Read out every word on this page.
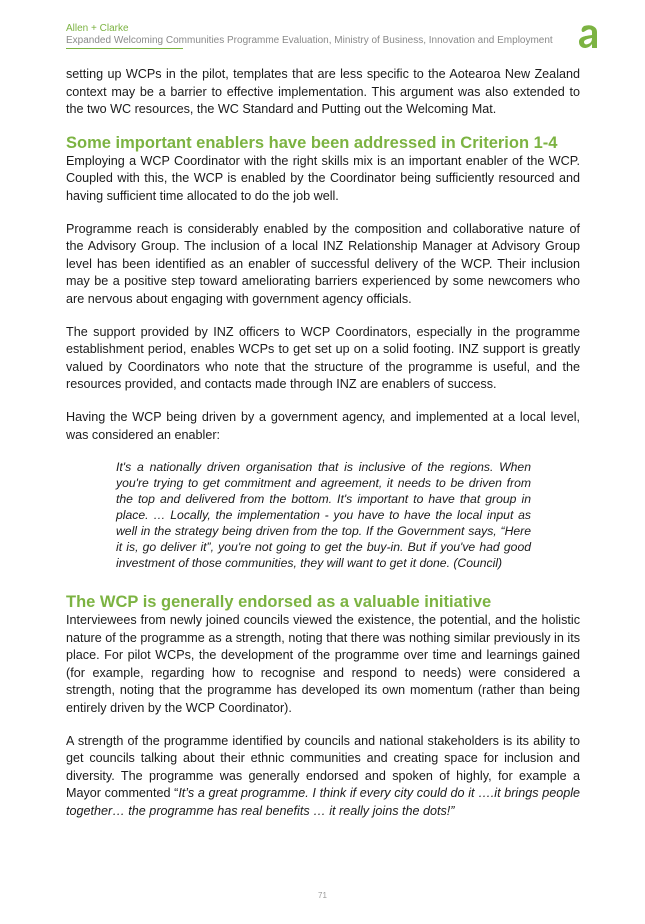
Allen + Clarke
Expanded Welcoming Communities Programme Evaluation, Ministry of Business, Innovation and Employment

setting up WCPs in the pilot, templates that are less specific to the Aotearoa New Zealand context may be a barrier to effective implementation. This argument was also extended to the two WC resources, the WC Standard and Putting out the Welcoming Mat.

Some important enablers have been addressed in Criterion 1-4

Employing a WCP Coordinator with the right skills mix is an important enabler of the WCP. Coupled with this, the WCP is enabled by the Coordinator being sufficiently resourced and having sufficient time allocated to do the job well.

Programme reach is considerably enabled by the composition and collaborative nature of the Advisory Group. The inclusion of a local INZ Relationship Manager at Advisory Group level has been identified as an enabler of successful delivery of the WCP. Their inclusion may be a positive step toward ameliorating barriers experienced by some newcomers who are nervous about engaging with government agency officials.

The support provided by INZ officers to WCP Coordinators, especially in the programme establishment period, enables WCPs to get set up on a solid footing. INZ support is greatly valued by Coordinators who note that the structure of the programme is useful, and the resources provided, and contacts made through INZ are enablers of success.

Having the WCP being driven by a government agency, and implemented at a local level, was considered an enabler:

It's a nationally driven organisation that is inclusive of the regions. When you're trying to get commitment and agreement, it needs to be driven from the top and delivered from the bottom. It's important to have that group in place. … Locally, the implementation - you have to have the local input as well in the strategy being driven from the top. If the Government says, “Here it is, go deliver it”, you're not going to get the buy-in. But if you've had good investment of those communities, they will want to get it done. (Council)
The WCP is generally endorsed as a valuable initiative

Interviewees from newly joined councils viewed the existence, the potential, and the holistic nature of the programme as a strength, noting that there was nothing similar previously in its place. For pilot WCPs, the development of the programme over time and learnings gained (for example, regarding how to recognise and respond to needs) were considered a strength, noting that the programme has developed its own momentum (rather than being entirely driven by the WCP Coordinator).

A strength of the programme identified by councils and national stakeholders is its ability to get councils talking about their ethnic communities and creating space for inclusion and diversity. The programme was generally endorsed and spoken of highly, for example a Mayor commented “It’s a great programme. I think if every city could do it ….it brings people together… the programme has real benefits … it really joins the dots!”

71
